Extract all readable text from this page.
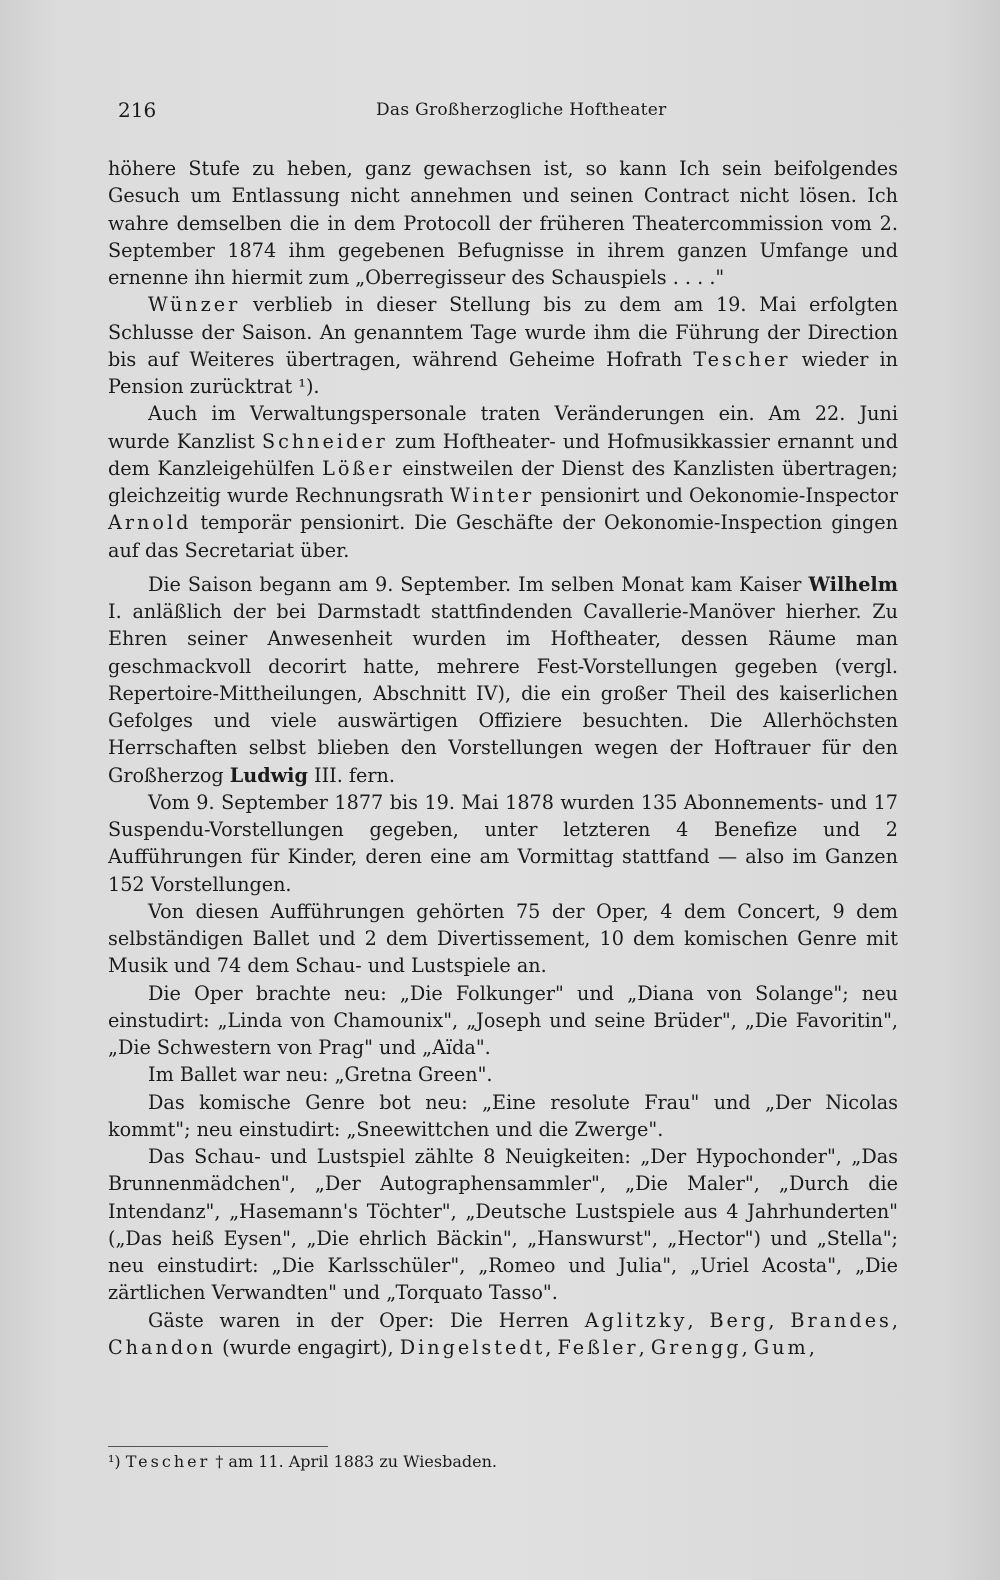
216	Das Großherzogliche Hoftheater

höhere Stufe zu heben, ganz gewachsen ist, so kann Ich sein beifolgendes Gesuch um Entlassung nicht annehmen und seinen Contract nicht lösen. Ich wahre demselben die in dem Protocoll der früheren Theatercommission vom 2. September 1874 ihm gegebenen Befugnisse in ihrem ganzen Umfange und ernenne ihn hiermit zum „Oberregisseur des Schauspiels . . . ."

Wünzer verblieb in dieser Stellung bis zu dem am 19. Mai erfolgten Schlusse der Saison. An genanntem Tage wurde ihm die Führung der Direction bis auf Weiteres übertragen, während Geheime Hofrath Tescher wieder in Pension zurücktrat ¹).

Auch im Verwaltungspersonale traten Veränderungen ein. Am 22. Juni wurde Kanzlist Schneider zum Hoftheater- und Hofmusikkassier ernannt und dem Kanzleigehülfen Lößer einstweilen der Dienst des Kanzlisten übertragen; gleichzeitig wurde Rechnungsrath Winter pensionirt und Oekonomie-Inspector Arnold temporär pensionirt. Die Geschäfte der Oekonomie-Inspection gingen auf das Secretariat über.

Die Saison begann am 9. September. Im selben Monat kam Kaiser Wilhelm I. anläßlich der bei Darmstadt stattfindenden Cavallerie-Manöver hierher. Zu Ehren seiner Anwesenheit wurden im Hoftheater, dessen Räume man geschmackvoll decorirt hatte, mehrere Fest-Vorstellungen gegeben (vergl. Repertoire-Mittheilungen, Abschnitt IV), die ein großer Theil des kaiserlichen Gefolges und viele auswärtigen Offiziere besuchten. Die Allerhöchsten Herrschaften selbst blieben den Vorstellungen wegen der Hoftrauer für den Großherzog Ludwig III. fern.

Vom 9. September 1877 bis 19. Mai 1878 wurden 135 Abonnements- und 17 Suspendu-Vorstellungen gegeben, unter letzteren 4 Benefize und 2 Aufführungen für Kinder, deren eine am Vormittag stattfand — also im Ganzen 152 Vorstellungen.

Von diesen Aufführungen gehörten 75 der Oper, 4 dem Concert, 9 dem selbständigen Ballet und 2 dem Divertissement, 10 dem komischen Genre mit Musik und 74 dem Schau- und Lustspiele an.

Die Oper brachte neu: „Die Folkunger" und „Diana von Solange"; neu einstudirt: „Linda von Chamounix", „Joseph und seine Brüder", „Die Favoritin", „Die Schwestern von Prag" und „Aïda".

Im Ballet war neu: „Gretna Green".

Das komische Genre bot neu: „Eine resolute Frau" und „Der Nicolas kommt"; neu einstudirt: „Sneewittchen und die Zwerge".

Das Schau- und Lustspiel zählte 8 Neuigkeiten: „Der Hypochonder", „Das Brunnenmädchen", „Der Autographensammler", „Die Maler", „Durch die Intendanz", „Hasemann's Töchter", „Deutsche Lustspiele aus 4 Jahrhunderten" („Das heiß Eysen", „Die ehrlich Bäckin", „Hanswurst", „Hector") und „Stella"; neu einstudirt: „Die Karlsschüler", „Romeo und Julia", „Uriel Acosta", „Die zärtlichen Verwandten" und „Torquato Tasso".

Gäste waren in der Oper: Die Herren Aglitzky, Berg, Brandes, Chandon (wurde engagirt), Dingelstedt, Feßler, Grengg, Gum,

¹) Tescher † am 11. April 1883 zu Wiesbaden.
